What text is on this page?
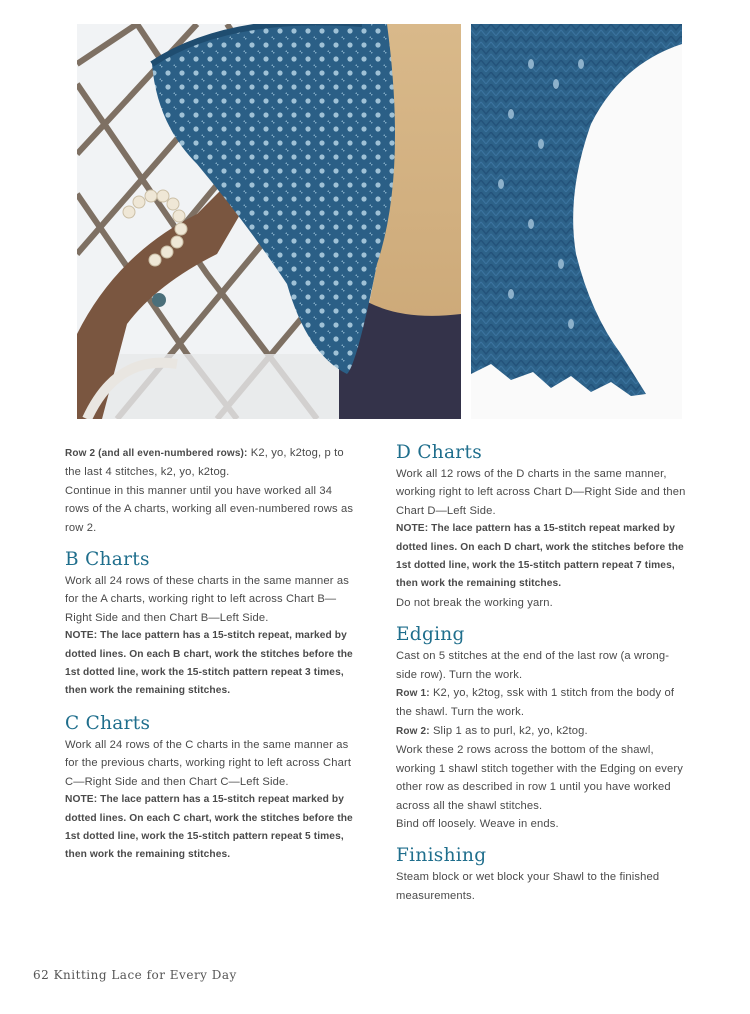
Row 2 (and all even-numbered rows): K2, yo, k2tog, p to the last 4 stitches, k2, yo, k2tog.

Continue in this manner until you have worked all 34 rows of the A charts, working all even-numbered rows as row 2.

B Charts

Work all 24 rows of these charts in the same manner as for the A charts, working right to left across Chart B—Right Side and then Chart B—Left Side.

NOTE: The lace pattern has a 15-stitch repeat, marked by dotted lines. On each B chart, work the stitches before the 1st dotted line, work the 15-stitch pattern repeat 3 times, then work the remaining stitches.

C Charts

Work all 24 rows of the C charts in the same manner as for the previous charts, working right to left across Chart C—Right Side and then Chart C—Left Side.

NOTE: The lace pattern has a 15-stitch repeat marked by dotted lines. On each C chart, work the stitches before the 1st dotted line, work the 15-stitch pattern repeat 5 times, then work the remaining stitches.

D Charts

Work all 12 rows of the D charts in the same manner, working right to left across Chart D—Right Side and then Chart D—Left Side.

NOTE: The lace pattern has a 15-stitch repeat marked by dotted lines. On each D chart, work the stitches before the 1st dotted line, work the 15-stitch pattern repeat 7 times, then work the remaining stitches.

Do not break the working yarn.

Edging

Cast on 5 stitches at the end of the last row (a wrong-side row). Turn the work.

Row 1: K2, yo, k2tog, ssk with 1 stitch from the body of the shawl. Turn the work.

Row 2: Slip 1 as to purl, k2, yo, k2tog.

Work these 2 rows across the bottom of the shawl, working 1 shawl stitch together with the Edging on every other row as described in row 1 until you have worked across all the shawl stitches.

Bind off loosely. Weave in ends.

Finishing

Steam block or wet block your Shawl to the finished measurements.

62 Knitting Lace for Every Day
